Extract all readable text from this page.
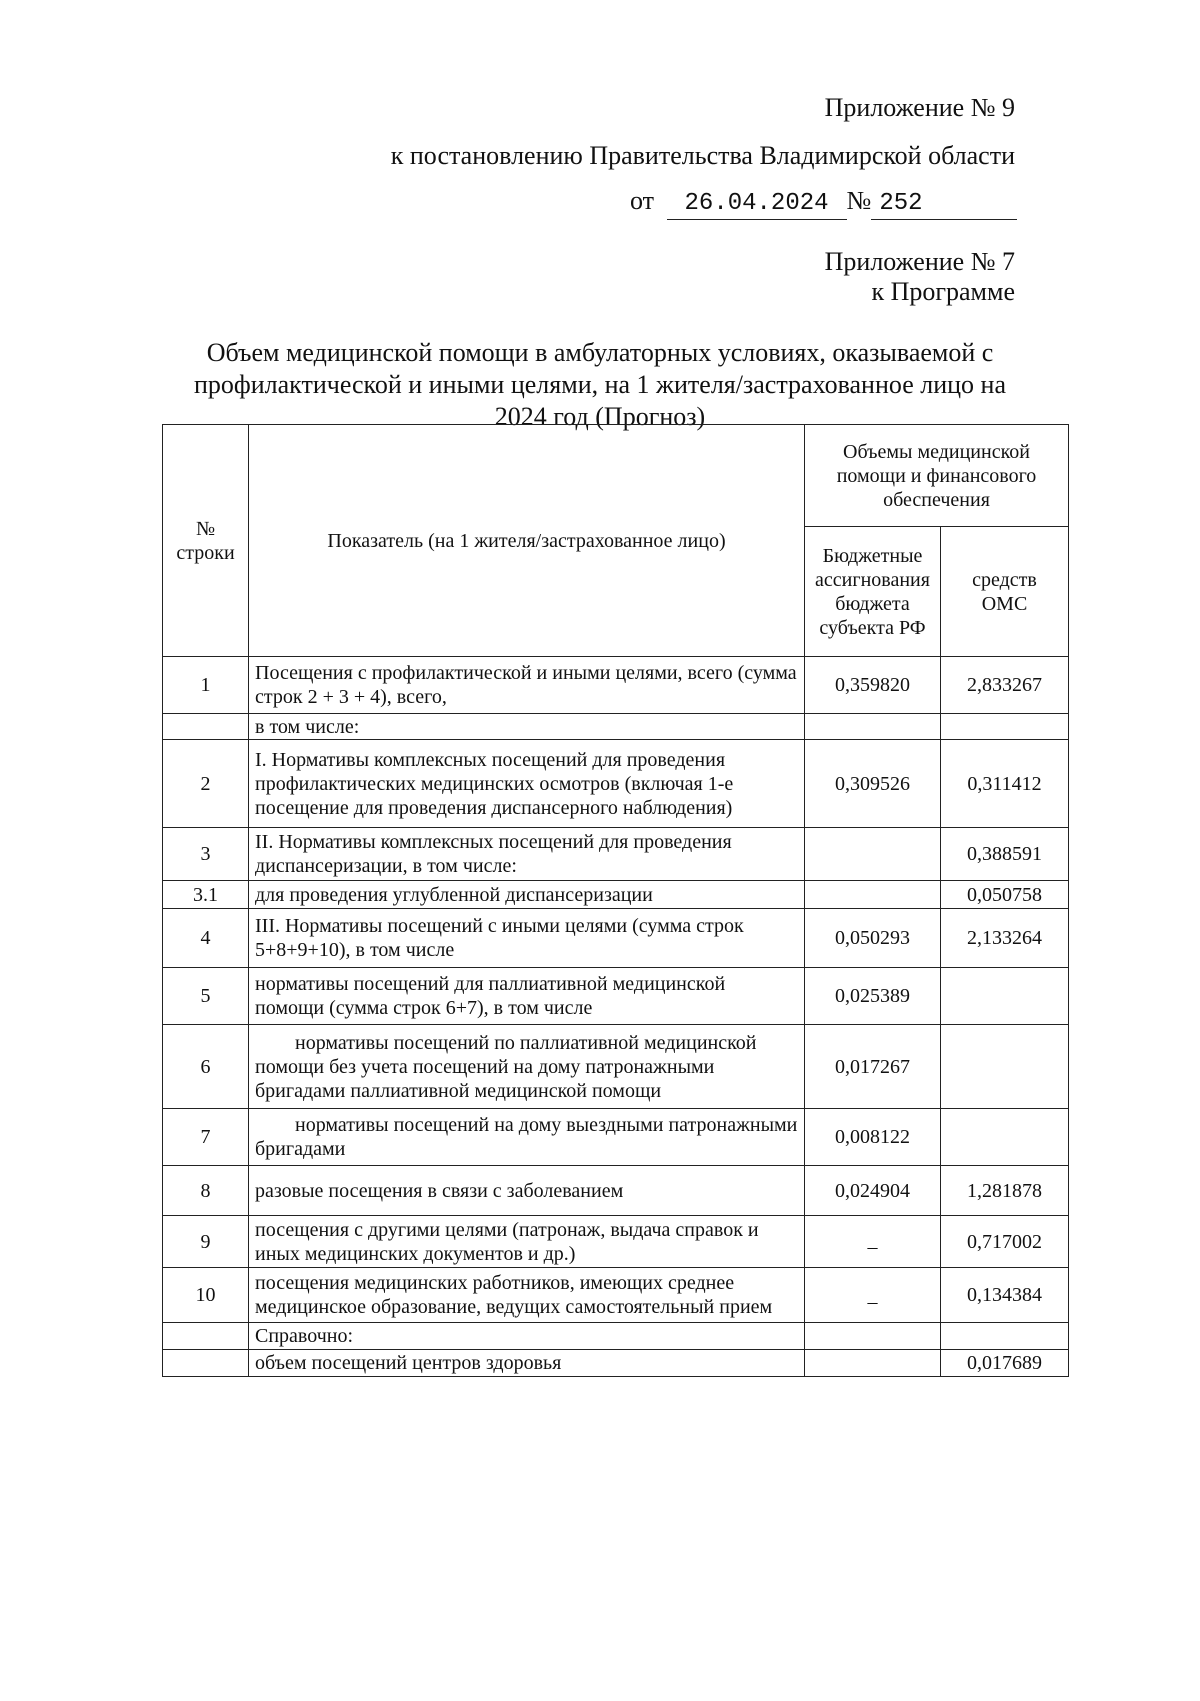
Приложение № 9
к постановлению Правительства Владимирской области
от 26.04.2024 № 252
Приложение № 7
к Программе
Объем медицинской помощи в амбулаторных условиях, оказываемой с
профилактической и иными целями, на 1 жителя/застрахованное лицо на
2024 год (Прогноз)
№ строки	Показатель (на 1 жителя/застрахованное лицо)	Объемы медицинской помощи и финансового обеспечения	
		Бюджетные ассигнования бюджета субъекта РФ	средств ОМС
1	Посещения с профилактической и иными целями, всего (сумма строк 2 + 3 + 4), всего,	0,359820	2,833267
	в том числе:		
2	I. Нормативы комплексных посещений для проведения профилактических медицинских осмотров (включая 1-е посещение для проведения диспансерного наблюдения)	0,309526	0,311412
3	II. Нормативы комплексных посещений для проведения диспансеризации, в том числе:		0,388591
3.1	для проведения углубленной диспансеризации		0,050758
4	III. Нормативы посещений с иными целями (сумма строк 5+8+9+10), в том числе	0,050293	2,133264
5	нормативы посещений для паллиативной медицинской помощи (сумма строк 6+7), в том числе	0,025389	
6	нормативы посещений по паллиативной медицинской помощи без учета посещений на дому патронажными бригадами паллиативной медицинской помощи	0,017267	
7	нормативы посещений на дому выездными патронажными бригадами	0,008122	
8	разовые посещения в связи с заболеванием	0,024904	1,281878
9	посещения с другими целями (патронаж, выдача справок и иных медицинских документов и др.)	–	0,717002
10	посещения медицинских работников, имеющих среднее медицинское образование, ведущих самостоятельный прием	–	0,134384
	Справочно:		
	объем посещений центров здоровья		0,017689
